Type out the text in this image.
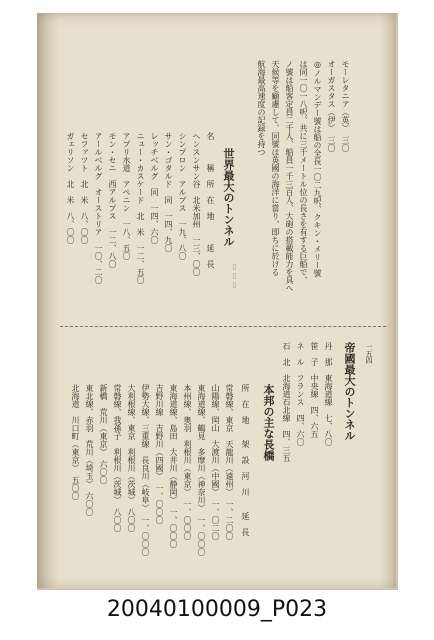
モーレタニア（英）　三〇
オーガスタス（伊）　三〇
◎ノルマンデー號は船の全長一〇二九呎、クキン・メリー號
は同一〇一八呎、共に三千メートル位の長さを有する巨船で、
ノ號は船客定員二千人、船員一千三百人、大砲の搭載能力を具へ
天候等を顧慮して、同號は英國の海洋に當り、即ちに於ける
航海最高速度の記録を持つ

世界最大のトンネル
名　　　稱　所　在　地　　　延　長
ヘンスンサン谷　北米加州　一三、〇〇
シンプロン　アルプス　一九、八〇
サン・ゴタルド　同　一四、九〇
レッチベルグ　同　一四、六〇
ニュー・カスケード　北　米　一二、五〇
アプリ水道　アペニン　一八、五〇
モン・セニ　西アルプス　一二、八〇
アールベルグ　オーストリア　一〇、二〇
セファツト　北　米　八、〇〇
ガェリソン　北　米　八、〇〇
▯▯▯
一五四
帝國最大のトンネル
丹　那　東海道線　七、八〇
笹　子　中央線　四、六五
ネ　ル　フランス　四、六〇
石　北　北海道石北線　四、三五
本邦の主な長橋
所　在　地　　架　設　河　川　　延　長
常磐線、東京　天龍川（遠州）　一、二〇〇
山陽線、岡山　大渡川（中國）　一、〇二〇
東海道線、鶴見　多摩川（神奈川）　一、〇〇〇
本州線、奥羽　利根川（東京）　一、〇〇〇
東海道線、島田　大井川（静岡）　一、〇〇〇
吉野川線　吉野川（四國）　一、〇〇〇
伊勢大線、三重線　長良川（岐阜）　一、〇〇〇
大利根線、東京　利根川（茨城）　八〇〇
常磐線、我孫子　利根川（茨城）　八〇〇
新橋　荒川（東京）　六〇〇
東北線、赤羽　荒川（埼玉）　六〇〇
北海道　川口町（東京）　五〇〇
20040100009_P023
